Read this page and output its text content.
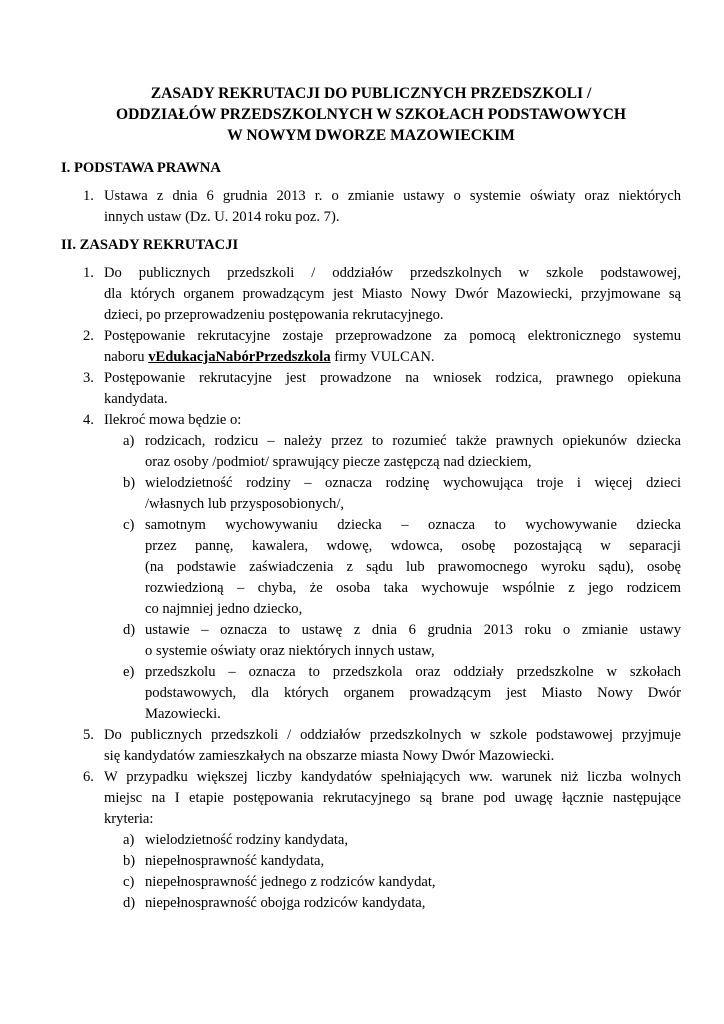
ZASADY REKRUTACJI DO PUBLICZNYCH PRZEDSZKOLI /
ODDZIAŁÓW PRZEDSZKOLNYCH W SZKOŁACH PODSTAWOWYCH
W NOWYM DWORZE MAZOWIECKIM
I. PODSTAWA PRAWNA
1. Ustawa z dnia 6 grudnia 2013 r. o zmianie ustawy o systemie oświaty oraz niektórych
innych ustaw (Dz. U. 2014 roku poz. 7).
II. ZASADY REKRUTACJI
1. Do publicznych przedszkoli / oddziałów przedszkolnych w szkole podstawowej,
dla których organem prowadzącym jest Miasto Nowy Dwór Mazowiecki, przyjmowane są
dzieci, po przeprowadzeniu postępowania rekrutacyjnego.
2. Postępowanie rekrutacyjne zostaje przeprowadzone za pomocą elektronicznego systemu
naboru vEdukacjaNabórPrzedszkola firmy VULCAN.
3. Postępowanie rekrutacyjne jest prowadzone na wniosek rodzica, prawnego opiekuna
kandydata.
4. Ilekroć mowa będzie o:
a) rodzicach, rodzicu – należy przez to rozumieć także prawnych opiekunów dziecka
oraz osoby /podmiot/ sprawujący piecze zastępczą nad dzieckiem,
b) wielodzietność rodziny – oznacza rodzinę wychowująca troje i więcej dzieci
/własnych lub przysposobionych/,
c) samotnym wychowywaniu dziecka – oznacza to wychowywanie dziecka
przez pannę, kawalera, wdowę, wdowca, osobę pozostającą w separacji
(na podstawie zaświadczenia z sądu lub prawomocnego wyroku sądu), osobę
rozwiedzioną – chyba, że osoba taka wychowuje wspólnie z jego rodzicem
co najmniej jedno dziecko,
d) ustawie – oznacza to ustawę z dnia 6 grudnia 2013 roku o zmianie ustawy
o systemie oświaty oraz niektórych innych ustaw,
e) przedszkolu – oznacza to przedszkola oraz oddziały przedszkolne w szkołach
podstawowych, dla których organem prowadzącym jest Miasto Nowy Dwór
Mazowiecki.
5. Do publicznych przedszkoli / oddziałów przedszkolnych w szkole podstawowej przyjmuje
się kandydatów zamieszkałych na obszarze miasta Nowy Dwór Mazowiecki.
6. W przypadku większej liczby kandydatów spełniających ww. warunek niż liczba wolnych
miejsc na I etapie postępowania rekrutacyjnego są brane pod uwagę łącznie następujące
kryteria:
a) wielodzietność rodziny kandydata,
b) niepełnosprawność kandydata,
c) niepełnosprawność jednego z rodziców kandydat,
d) niepełnosprawność obojga rodziców kandydata,
